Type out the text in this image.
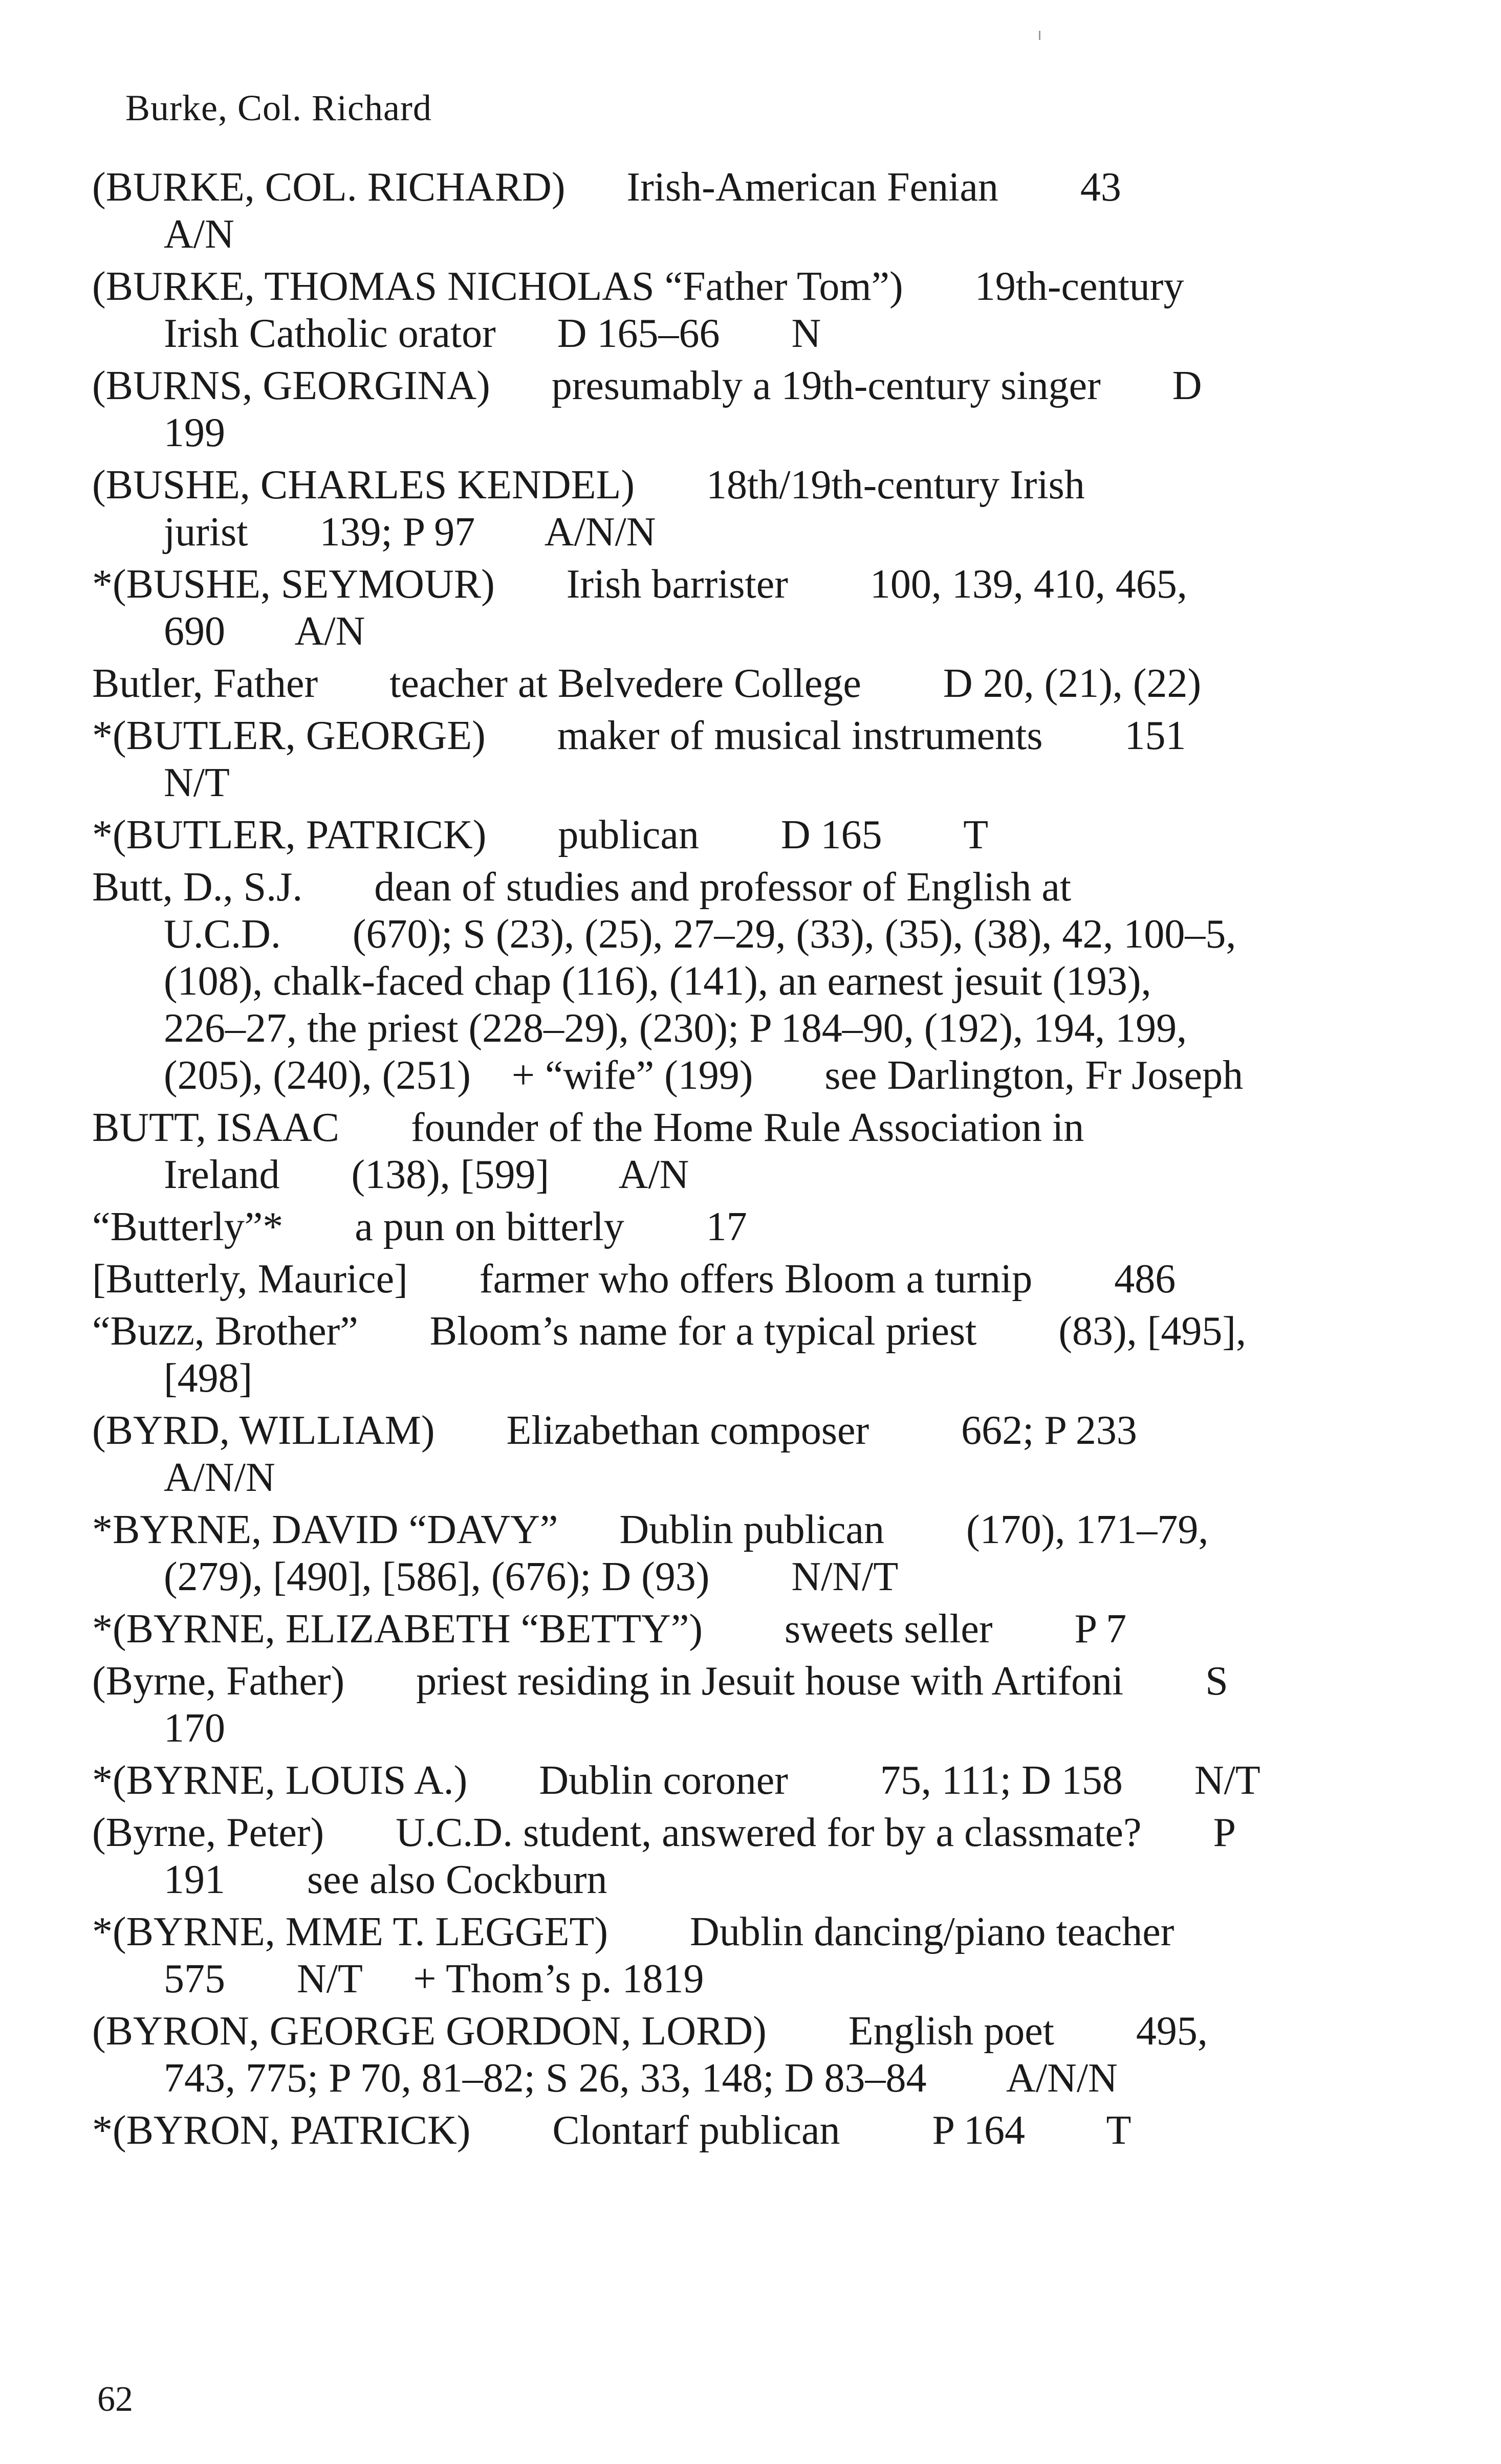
Burke, Col. Richard
(BURKE, COL. RICHARD)      Irish-American Fenian        43
A/N
(BURKE, THOMAS NICHOLAS “Father Tom”)       19th-century
Irish Catholic orator      D 165–66       N
(BURNS, GEORGINA)      presumably a 19th-century singer       D
199
(BUSHE, CHARLES KENDEL)       18th/19th-century Irish
jurist       139; P 97       A/N/N
*(BUSHE, SEYMOUR)       Irish barrister        100, 139, 410, 465,
690       A/N
Butler, Father       teacher at Belvedere College        D 20, (21), (22)
*(BUTLER, GEORGE)       maker of musical instruments        151
N/T
*(BUTLER, PATRICK)       publican        D 165        T
Butt, D., S.J.       dean of studies and professor of English at
U.C.D.       (670); S (23), (25), 27–29, (33), (35), (38), 42, 100–5,
(108), chalk-faced chap (116), (141), an earnest jesuit (193),
226–27, the priest (228–29), (230); P 184–90, (192), 194, 199,
(205), (240), (251)    + “wife” (199)       see Darlington, Fr Joseph
BUTT, ISAAC       founder of the Home Rule Association in
Ireland       (138), [599]       A/N
“Butterly”*       a pun on bitterly        17
[Butterly, Maurice]       farmer who offers Bloom a turnip        486
“Buzz, Brother”       Bloom’s name for a typical priest        (83), [495],
[498]
(BYRD, WILLIAM)       Elizabethan composer         662; P 233
A/N/N
*BYRNE, DAVID “DAVY”      Dublin publican        (170), 171–79,
(279), [490], [586], (676); D (93)        N/N/T
*(BYRNE, ELIZABETH “BETTY”)        sweets seller        P 7
(Byrne, Father)       priest residing in Jesuit house with Artifoni        S
170
*(BYRNE, LOUIS A.)       Dublin coroner         75, 111; D 158       N/T
(Byrne, Peter)       U.C.D. student, answered for by a classmate?       P
191        see also Cockburn
*(BYRNE, MME T. LEGGET)        Dublin dancing/piano teacher
575       N/T     + Thom’s p. 1819
(BYRON, GEORGE GORDON, LORD)        English poet        495,
743, 775; P 70, 81–82; S 26, 33, 148; D 83–84        A/N/N
*(BYRON, PATRICK)        Clontarf publican         P 164        T
62
